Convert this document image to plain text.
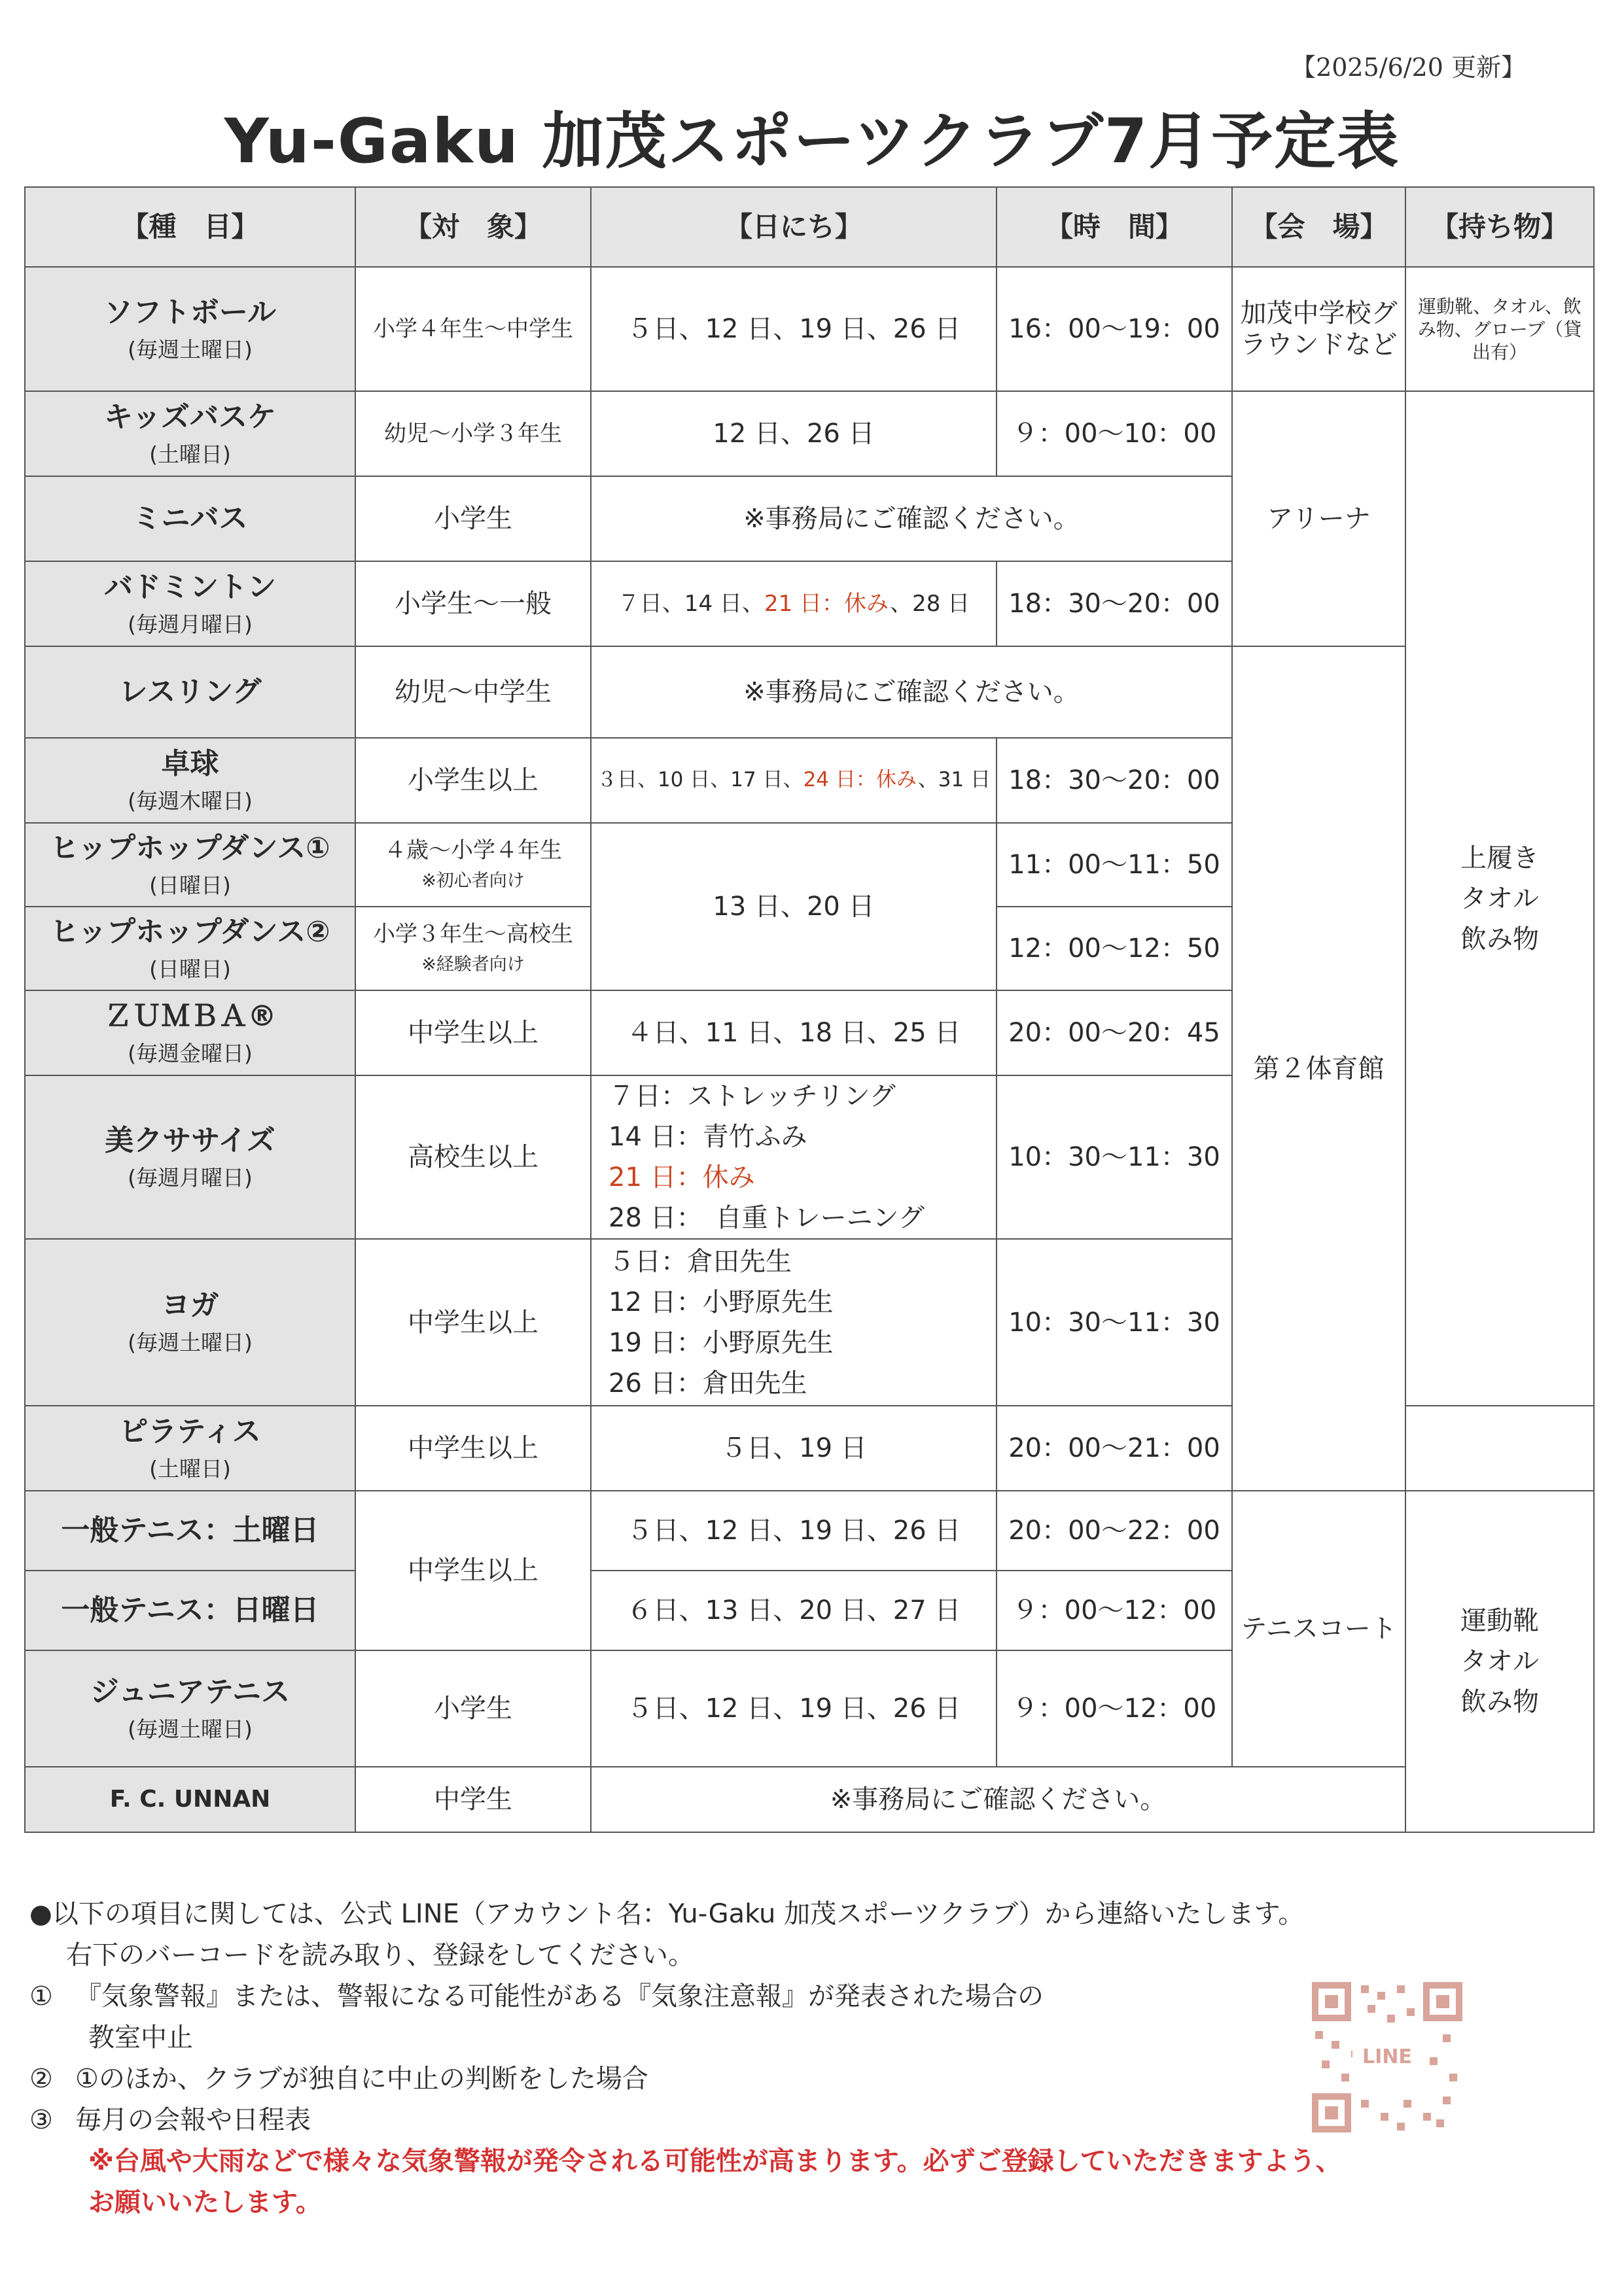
【2025/6/20 更新】
Yu-Gaku 加茂スポーツクラブ7月予定表
【種　目】	【対　象】	【日にち】	【時　間】	【会　場】	【持ち物】	

ソフトボール
(毎週土曜日)	小学４年生～中学生	５日、12 日、19 日、26 日	16：00～19：00	加茂中学校グラウンドなど	運動靴、タオル、飲み物、グローブ（貸出有）	

キッズバスケ
(土曜日)	幼児～小学３年生	12 日、26 日	９：00～10：00	アリーナ	上履き
タオル
飲み物	

ミニバス	小学生	※事務局にご確認ください。				

バドミントン
(毎週月曜日)	小学生～一般	７日、14 日、21 日：休み、28 日	18：30～20：00			

レスリング	幼児～中学生	※事務局にご確認ください。		第２体育館		

卓球
(毎週木曜日)	小学生以上	３日、10 日、17 日、24 日：休み、31 日	18：30～20：00			

ヒップホップダンス①
(日曜日)	４歳～小学４年生
※初心者向け	13 日、20 日	11：00～11：50			

ヒップホップダンス②
(日曜日)	小学３年生～高校生
※経験者向け		12：00～12：50			

ＺＵＭＢＡ®
(毎週金曜日)	中学生以上	４日、11 日、18 日、25 日	20：00～20：45			

美クササイズ
(毎週月曜日)	高校生以上	７日：ストレッチリング
14 日：青竹ふみ
21 日：休み
28 日：　自重トレーニング	10：30～11：30			

ヨガ
(毎週土曜日)	中学生以上	５日：倉田先生
12 日：小野原先生
19 日：小野原先生
26 日：倉田先生	10：30～11：30	

ピラティス
(土曜日)	中学生以上	５日、19 日	20：00～21：00			

一般テニス：土曜日	中学生以上	５日、12 日、19 日、26 日	20：00～22：00	テニスコート	運動靴
タオル
飲み物	

一般テニス：日曜日		６日、13 日、20 日、27 日	９：00～12：00			

ジュニアテニス
(毎週土曜日)	小学生	５日、12 日、19 日、26 日	９：00～12：00			

F. C. UNNAN	中学生	※事務局にご確認ください。				
●以下の項目に関しては、公式 LINE（アカウント名：Yu-Gaku 加茂スポーツクラブ）から連絡いたします。
右下のバーコードを読み取り、登録をしてください。
① 『気象警報』または、警報になる可能性がある『気象注意報』が発表された場合の
教室中止
② ①のほか、クラブが独自に中止の判断をした場合
③ 毎月の会報や日程表
※台風や大雨などで様々な気象警報が発令される可能性が高まります。必ずご登録していただきますよう、
お願いいたします。
LINE
